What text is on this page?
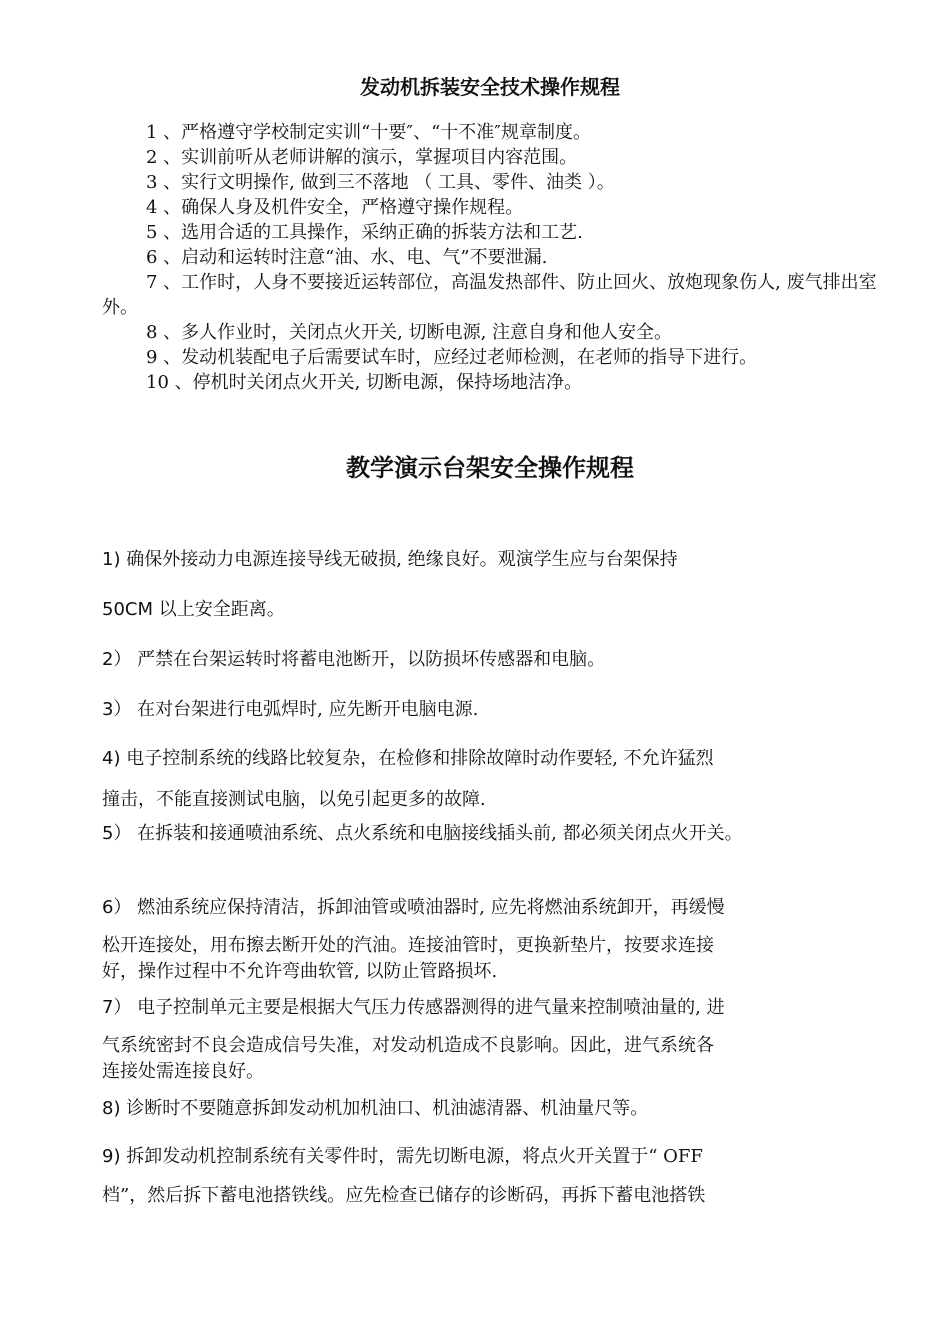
发动机拆装安全技术操作规程

1 、严格遵守学校制定实训“十要″、“十不准″规章制度。

2 、实训前听从老师讲解的演示，掌握项目内容范围。

3 、实行文明操作, 做到三不落地 （ 工具、零件、油类 ）。

4 、确保人身及机件安全，严格遵守操作规程。

5 、选用合适的工具操作，采纳正确的拆装方法和工艺.

6 、启动和运转时注意“油、水、电、气”不要泄漏.

7 、工作时，人身不要接近运转部位，高温发热部件、防止回火、放炮现象伤人, 废气排出室外。

8 、多人作业时，关闭点火开关, 切断电源, 注意自身和他人安全。

9 、发动机装配电子后需要试车时，应经过老师检测，在老师的指导下进行。

10 、停机时关闭点火开关, 切断电源，保持场地洁净。

教学演示台架安全操作规程
1) 确保外接动力电源连接导线无破损, 绝缘良好。观演学生应与台架保持
50CM 以上安全距离。
2） 严禁在台架运转时将蓄电池断开，以防损坏传感器和电脑。
3） 在对台架进行电弧焊时, 应先断开电脑电源.
4) 电子控制系统的线路比较复杂，在检修和排除故障时动作要轻, 不允许猛烈
撞击，不能直接测试电脑，以免引起更多的故障.
5） 在拆装和接通喷油系统、点火系统和电脑接线插头前, 都必须关闭点火开关。
6） 燃油系统应保持清洁，拆卸油管或喷油器时, 应先将燃油系统卸开，再缓慢
松开连接处，用布擦去断开处的汽油。连接油管时，更换新垫片，按要求连接
好，操作过程中不允许弯曲软管, 以防止管路损坏.
7） 电子控制单元主要是根据大气压力传感器测得的进气量来控制喷油量的, 进
气系统密封不良会造成信号失准，对发动机造成不良影响。因此，进气系统各
连接处需连接良好。
8) 诊断时不要随意拆卸发动机加机油口、机油滤清器、机油量尺等。
9) 拆卸发动机控制系统有关零件时，需先切断电源，将点火开关置于“ OFF
档”，然后拆下蓄电池搭铁线。应先检查已储存的诊断码，再拆下蓄电池搭铁
